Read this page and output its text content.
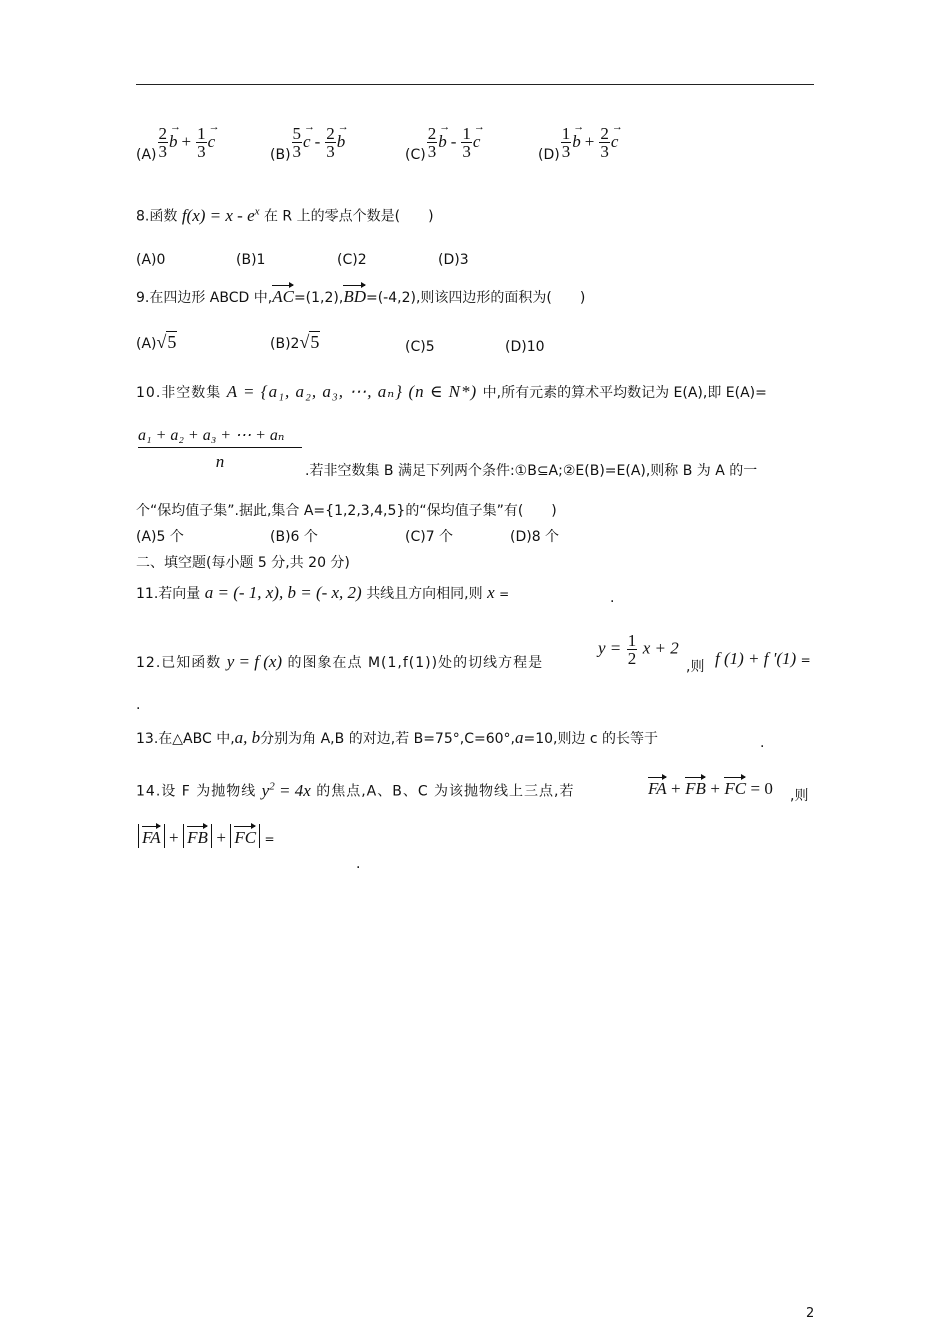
$(A) \frac{2}{3}$
→ $b + \frac{1}{3}$
→ c
$(B) \frac{5}{3}$
→ c - $\frac{2}{3}$
→ b
$(C) \frac{2}{3}$
→ b - $\frac{1}{3}$
→ c
$(D) \frac{1}{3}$
→ $b + \frac{2}{3}$
→ c
8.函数 $f(x) = x - e^x$ 在 R 上的零点个数是(　　)
(A)0	(B)1	(C)2	(D)3
9.在四边形 ABCD 中,AC=(1,2),BD=(-4,2),则该四边形的面积为(　　)
(A)√5	(B)2√5	(C)5	(D)10
10.非空数集 A = {a₁, a₂, a₃, ⋯, aₙ} (n ∈ N*) 中,所有元素的算术平均数记为 E(A),即 E(A)=
a₁ + a₂ + a₃ + ⋯ + aₙ
n	.若非空数集 B 满足下列两个条件:①B⊆A;②E(B)=E(A),则称 B 为 A 的一
个“保均值子集”.据此,集合 A={1,2,3,4,5}的“保均值子集”有(　　)
(A)5 个	(B)6 个	(C)7 个	(D)8 个
二、填空题(每小题 5 分,共 20 分)
11.若向量 a = (- 1, x), b = (- x, 2) 共线且方向相同,则 x =	.
12.已知函数 y = f (x) 的图象在点 M(1,f(1))处的切线方程是
$y = \frac{1}{2}$ x + 2
,则 f (1) + f '(1) =
.
13.在△ABC 中,a, b分别为角 A,B 的对边,若 B=75°,C=60°,a=10,则边 c 的长等于	.
14.设 F 为抛物线 $y^2 = 4x$ 的焦点,A、B、C 为该抛物线上三点,若	FA + FB + FC = 0 ,则
FA + FB + FC =
.
2
